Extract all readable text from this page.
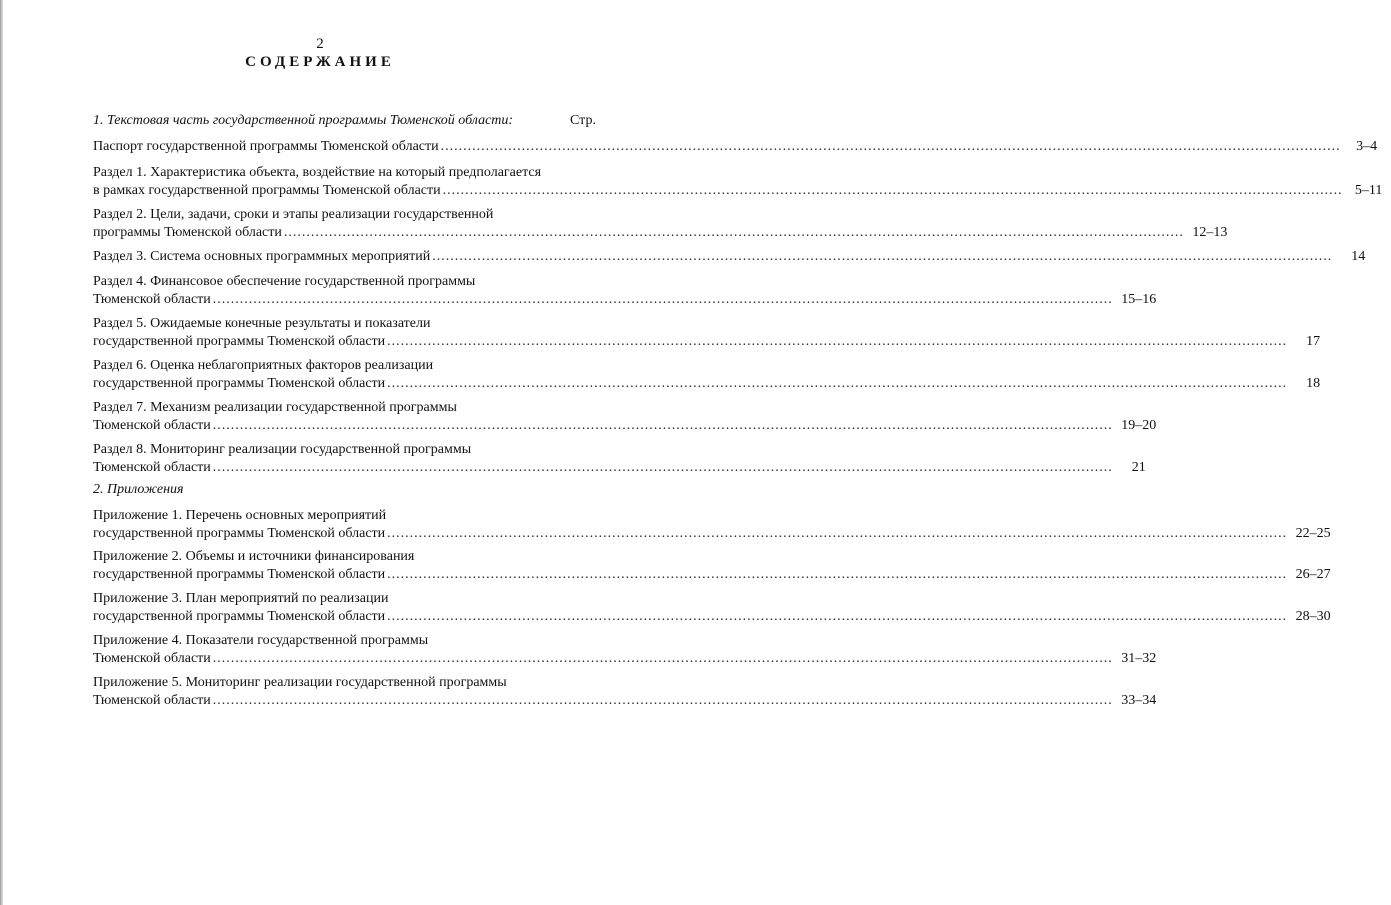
2
СОДЕРЖАНИЕ
1. Текстовая часть государственной программы Тюменской области:	Стр.
2. Приложения
Паспорт государственной программы Тюменской области ........................................................................................................................................................................................................	3–4
Раздел 1. Характеристика объекта, воздействие на который предполагается
в рамках государственной программы Тюменской области ........................................................................................................................................................................................................ 5–11
Раздел 2. Цели, задачи, сроки и этапы реализации государственной
программы Тюменской области ........................................................................................................................................................................................................ 12–13
Раздел 3. Система основных программных мероприятий ........................................................................................................................................................................................................	14
Раздел 4. Финансовое обеспечение государственной программы
Тюменской области ........................................................................................................................................................................................................ 15–16
Раздел 5. Ожидаемые конечные результаты и показатели
государственной программы Тюменской области ........................................................................................................................................................................................................	17
Раздел 6. Оценка неблагоприятных факторов реализации
государственной программы Тюменской области ........................................................................................................................................................................................................	18
Раздел 7. Механизм реализации государственной программы
Тюменской области ........................................................................................................................................................................................................ 19–20
Раздел 8. Мониторинг реализации государственной программы
Тюменской области ........................................................................................................................................................................................................	21
Приложение 1. Перечень основных мероприятий
государственной программы Тюменской области ........................................................................................................................................................................................................ 22–25
Приложение 2. Объемы и источники финансирования
государственной программы Тюменской области ........................................................................................................................................................................................................ 26–27
Приложение 3. План мероприятий по реализации
государственной программы Тюменской области ........................................................................................................................................................................................................ 28–30
Приложение 4. Показатели государственной программы
Тюменской области ........................................................................................................................................................................................................ 31–32
Приложение 5. Мониторинг реализации государственной программы
Тюменской области ........................................................................................................................................................................................................ 33–34
